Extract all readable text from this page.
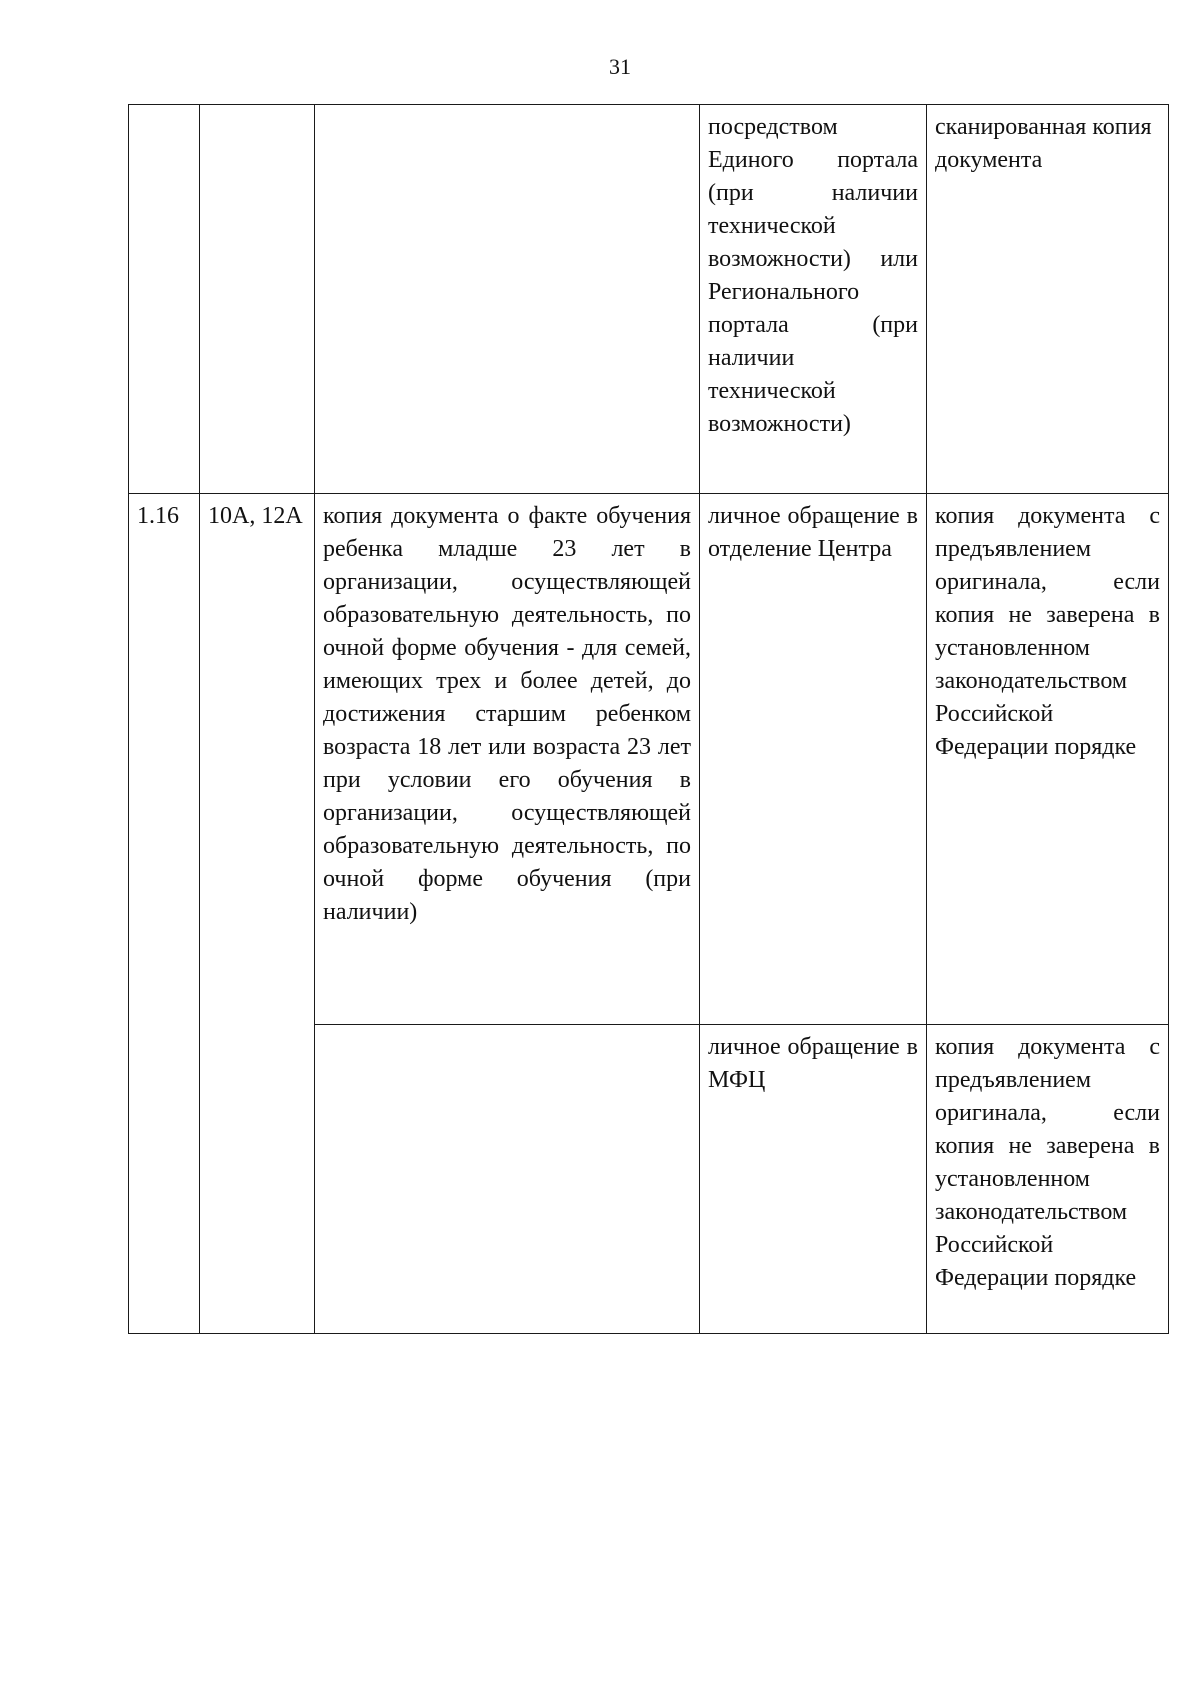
31
			посредством Единого портала (при наличии технической возможности) или Регионального портала (при наличии технической возможности)	сканированная копия документа
1.16	10А, 12А	копия документа о факте обучения ребенка младше 23 лет в организации, осуществляющей образовательную деятельность, по очной форме обучения - для семей, имеющих трех и более детей, до достижения старшим ребенком возраста 18 лет или возраста 23 лет при условии его обучения в организации, осуществляющей образовательную деятельность, по очной форме обучения (при наличии)	личное обращение в отделение Центра	копия документа с предъявлением оригинала, если копия не заверена в установленном законодательством Российской Федерации порядке
			личное обращение в МФЦ	копия документа с предъявлением оригинала, если копия не заверена в установленном законодательством Российской Федерации порядке
